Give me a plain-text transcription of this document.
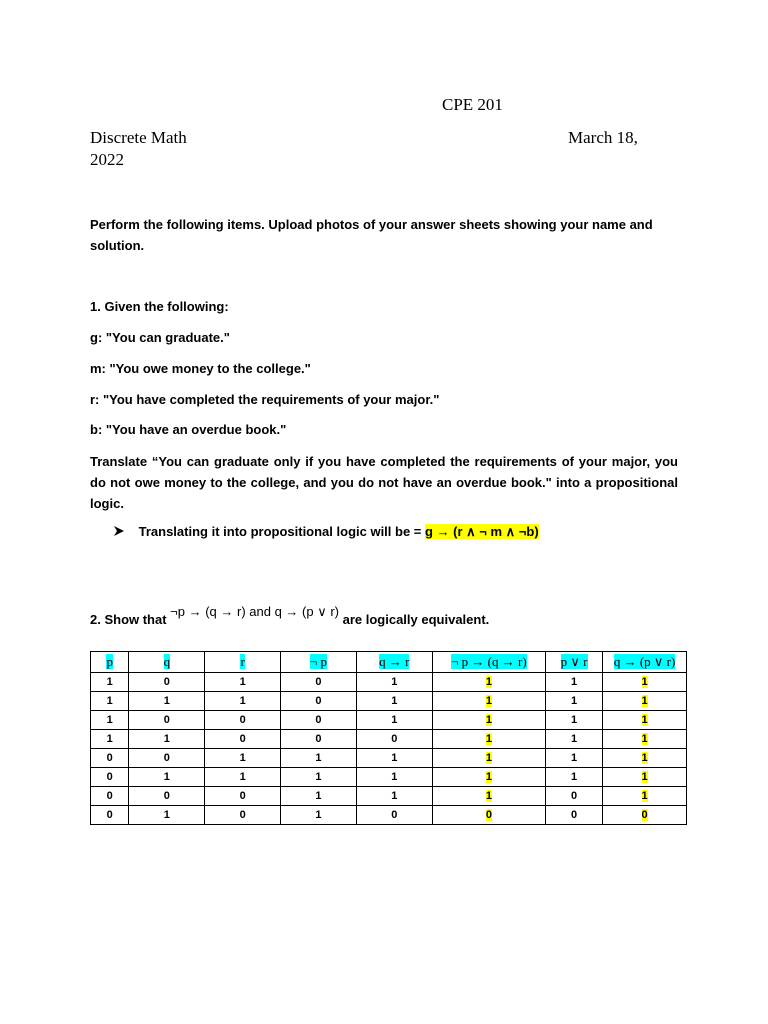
CPE 201
Discrete Math	March 18,
2022
Perform the following items. Upload photos of your answer sheets showing your name and solution.
1. Given the following:
g: "You can graduate."
m: "You owe money to the college."
r: "You have completed the requirements of your major."
b: "You have an overdue book."
Translate “You can graduate only if you have completed the requirements of your major, you do not owe money to the college, and you do not have an overdue book." into a propositional logic.
Translating it into propositional logic will be = g → (r ∧ ¬ m ∧ ¬b)
2. Show that ¬p → (q → r) and q → (p ∨ r) are logically equivalent.
p	q	r	¬ p	q → r	¬ p → (q → r)	p ∨ r	q → (p ∨ r)
1	0	1	0	1	1	1	1
1	1	1	0	1	1	1	1
1	0	0	0	1	1	1	1
1	1	0	0	0	1	1	1
0	0	1	1	1	1	1	1
0	1	1	1	1	1	1	1
0	0	0	1	1	1	0	1
0	1	0	1	0	0	0	0
